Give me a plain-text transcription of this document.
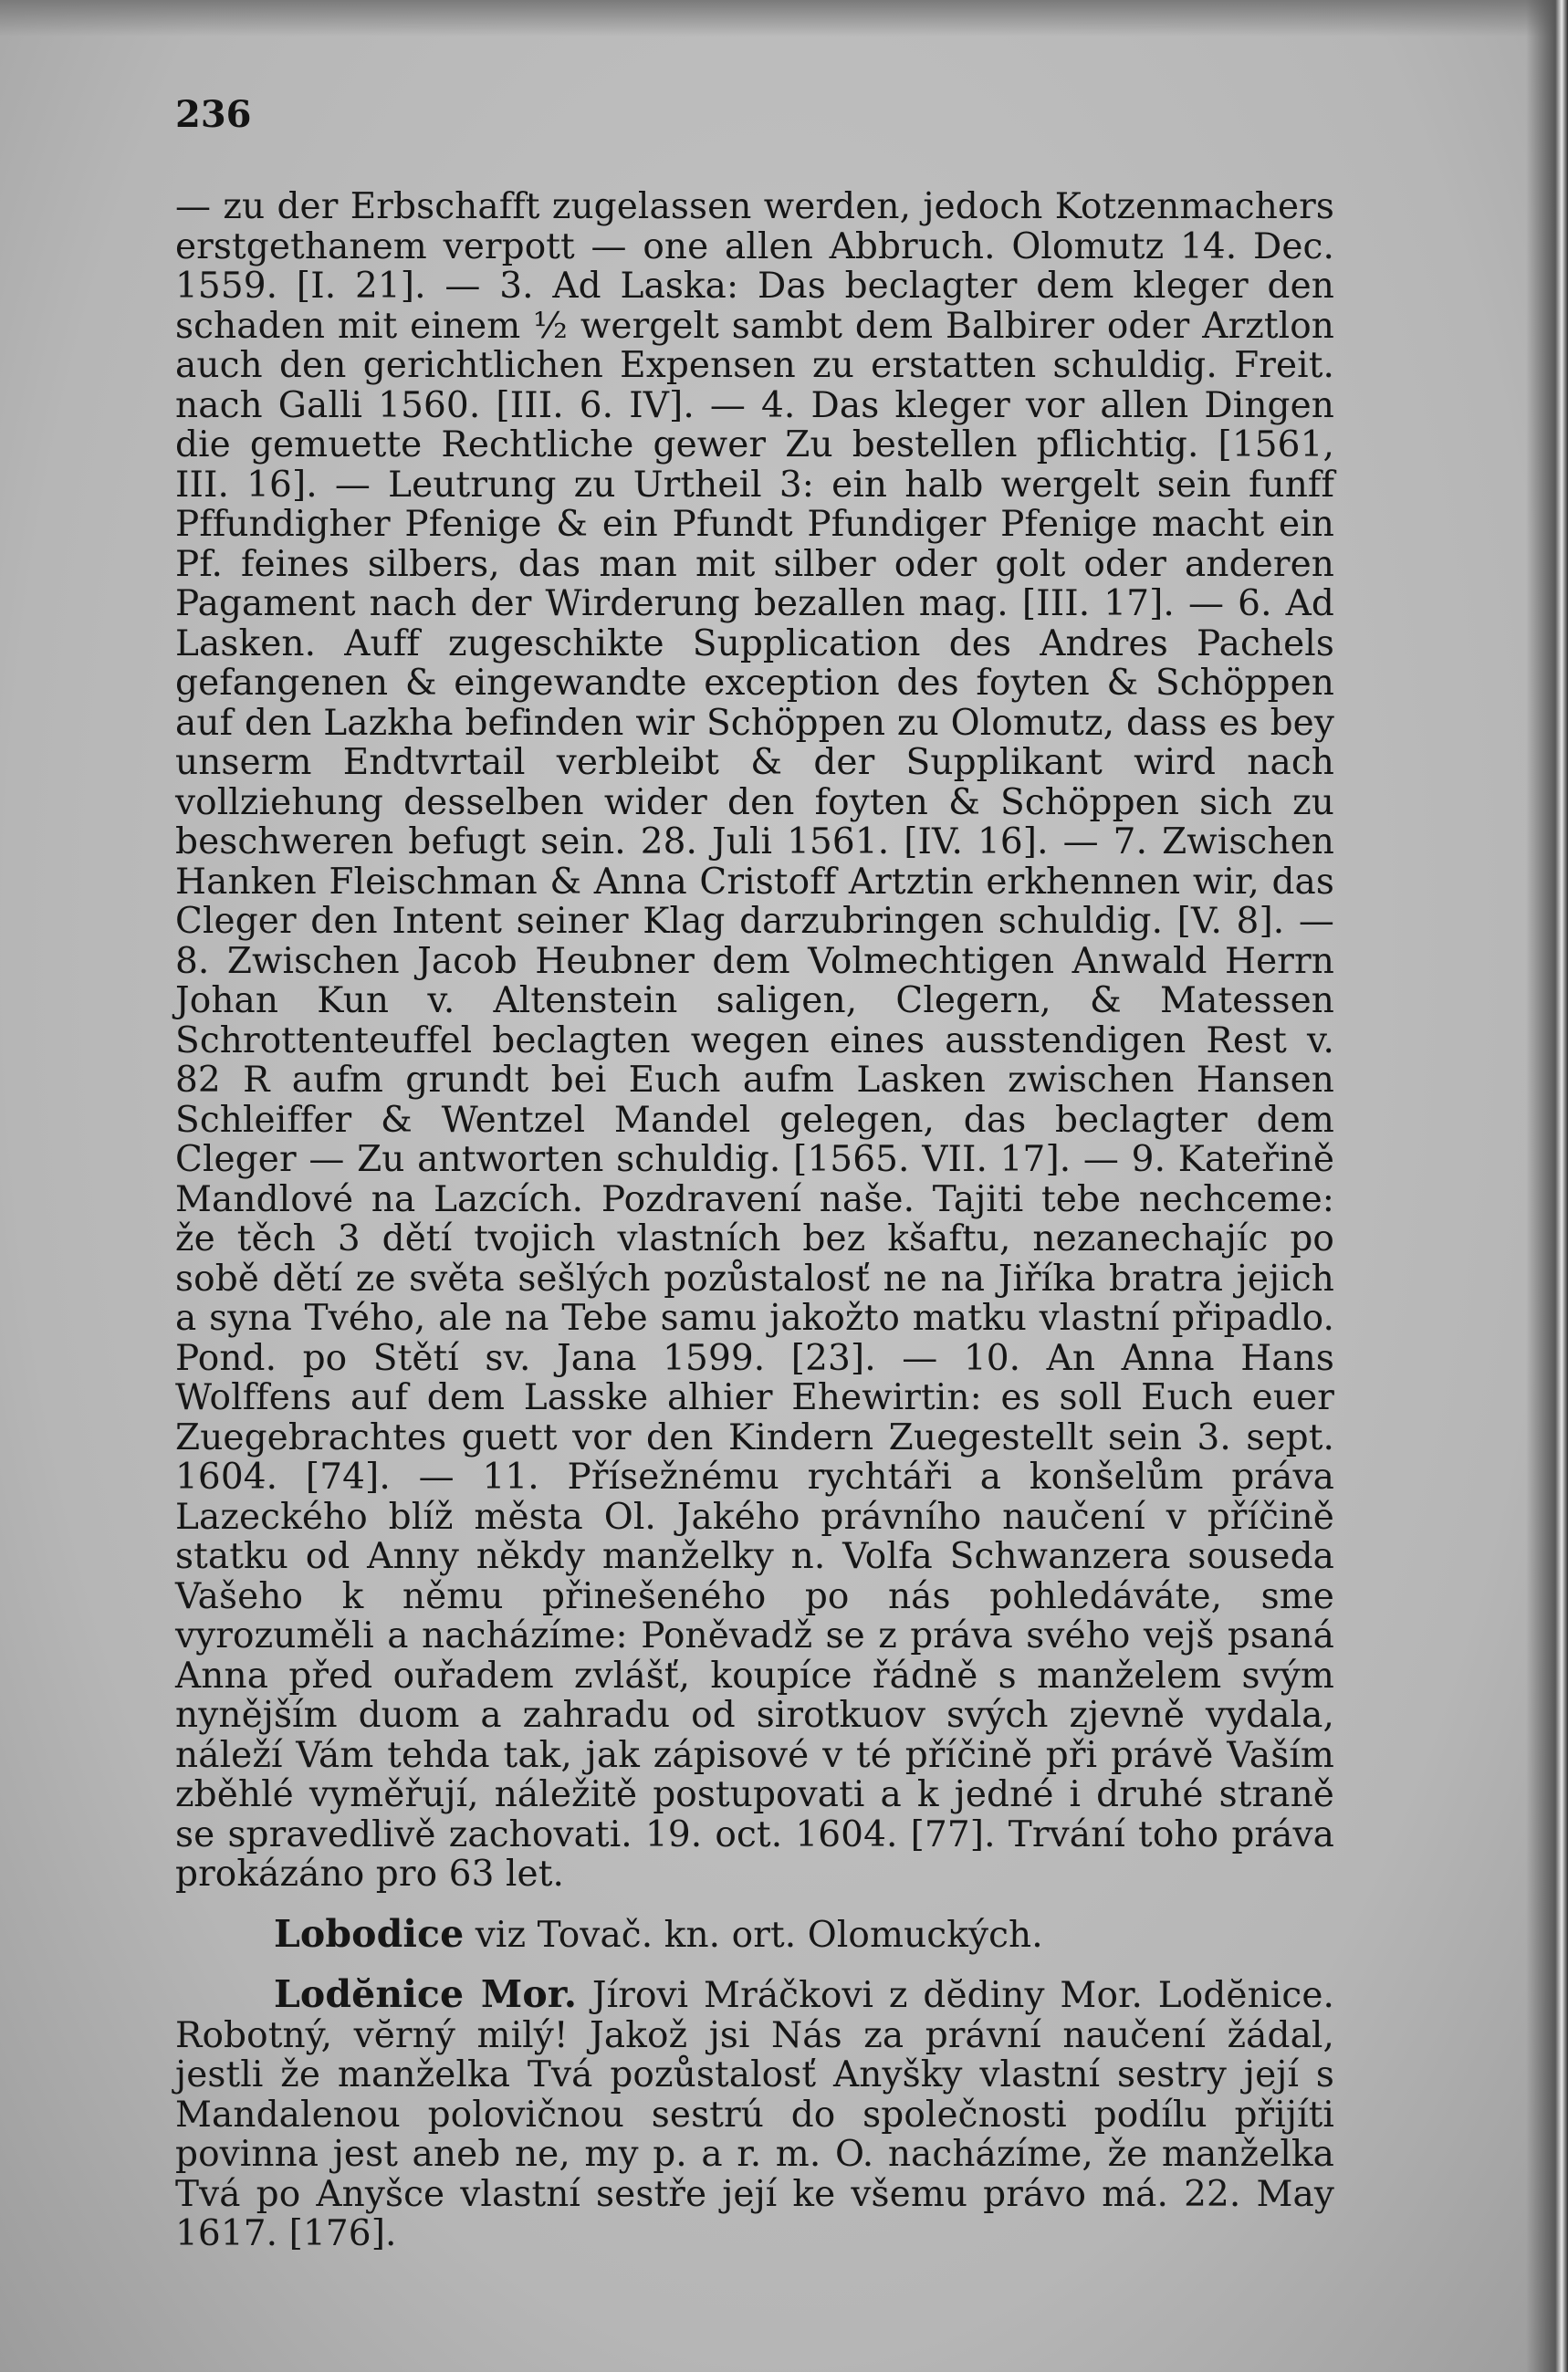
236

— zu der Erbschafft zugelassen werden, jedoch Kotzenmachers erstgethanem verpott — one allen Abbruch. Olomutz 14. Dec. 1559. [I. 21]. — 3. Ad Laska: Das beclagter dem kleger den schaden mit einem ½ wergelt sambt dem Balbirer oder Arztlon auch den gerichtlichen Expensen zu erstatten schuldig. Freit. nach Galli 1560. [III. 6. IV]. — 4. Das kleger vor allen Dingen die gemuette Rechtliche gewer Zu bestellen pflichtig. [1561, III. 16]. — Leutrung zu Urtheil 3: ein halb wergelt sein funff Pffundigher Pfenige & ein Pfundt Pfundiger Pfenige macht ein Pf. feines silbers, das man mit silber oder golt oder anderen Pagament nach der Wirderung bezallen mag. [III. 17]. — 6. Ad Lasken. Auff zugeschikte Supplication des Andres Pachels gefangenen & eingewandte exception des foyten & Schöppen auf den Lazkha befinden wir Schöppen zu Olomutz, dass es bey unserm Endtvrtail verbleibt & der Supplikant wird nach vollziehung desselben wider den foyten & Schöppen sich zu beschweren befugt sein. 28. Juli 1561. [IV. 16]. — 7. Zwischen Hanken Fleischman & Anna Cristoff Artztin erkhennen wir, das Cleger den Intent seiner Klag darzubringen schuldig. [V. 8]. — 8. Zwischen Jacob Heubner dem Volmechtigen Anwald Herrn Johan Kun v. Altenstein saligen, Clegern, & Matessen Schrottenteuffel beclagten wegen eines ausstendigen Rest v. 82 R aufm grundt bei Euch aufm Lasken zwischen Hansen Schleiffer & Wentzel Mandel gelegen, das beclagter dem Cleger — Zu antworten schuldig. [1565. VII. 17]. — 9. Kateřině Mandlové na Lazcích. Pozdravení naše. Tajiti tebe nechceme: že těch 3 dětí tvojich vlastních bez kšaftu, nezanechajíc po sobě dětí ze světa sešlých pozůstalosť ne na Jiříka bratra jejich a syna Tvého, ale na Tebe samu jakožto matku vlastní připadlo. Pond. po Stětí sv. Jana 1599. [23]. — 10. An Anna Hans Wolffens auf dem Lasske alhier Ehewirtin: es soll Euch euer Zuegebrachtes guett vor den Kindern Zuegestellt sein 3. sept. 1604. [74]. — 11. Přísežnému rychtáři a konšelům práva Lazeckého blíž města Ol. Jakého právního naučení v příčině statku od Anny někdy manželky n. Volfa Schwanzera souseda Vašeho k němu přinešeného po nás pohledáváte, sme vyrozuměli a nacházíme: Poněvadž se z práva svého vejš psaná Anna před ouřadem zvlášť, koupíce řádně s manželem svým nynějším duom a zahradu od sirotkuov svých zjevně vydala, náleží Vám tehda tak, jak zápisové v té příčině při právě Vaším zběhlé vyměřují, náležitě postupovati a k jedné i druhé straně se spravedlivě zachovati. 19. oct. 1604. [77]. Trvání toho práva prokázáno pro 63 let.

Lobodice viz Tovač. kn. ort. Olomuckých.

Lodĕnice Mor. Jírovi Mráčkovi z dĕdiny Mor. Lodĕnice. Robotný, vĕrný milý! Jakož jsi Nás za právní naučení žádal, jestli že manželka Tvá pozůstalosť Anyšky vlastní sestry její s Mandalenou polovičnou sestrú do společnosti podílu přijíti povinna jest aneb ne, my p. a r. m. O. nacházíme, že manželka Tvá po Anyšce vlastní sestře její ke všemu právo má. 22. May 1617. [176].
